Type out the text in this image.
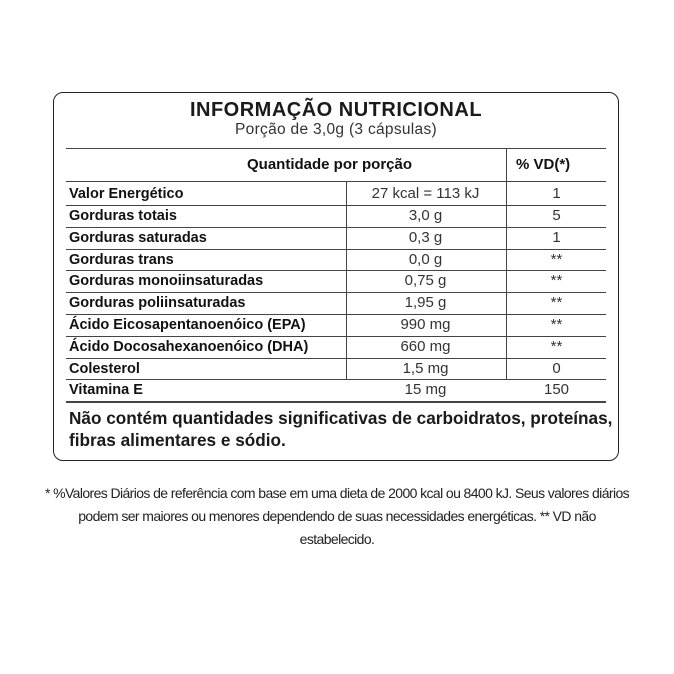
INFORMAÇÃO NUTRICIONAL
Porção de 3,0g (3 cápsulas)
Quantidade por porção	% VD(*)
Valor Energético	27 kcal = 113 kJ	1
Gorduras totais	3,0 g	5
Gorduras saturadas	0,3 g	1
Gorduras trans	0,0 g	**
Gorduras monoiinsaturadas	0,75 g	**
Gorduras poliinsaturadas	1,95 g	**
Ácido Eicosapentanoenóico (EPA)	990 mg	**
Ácido Docosahexanoenóico (DHA)	660 mg	**
Colesterol	1,5 mg	0
Vitamina E	15 mg	150
Não contém quantidades significativas de carboidratos, proteínas, fibras alimentares e sódio.
* %Valores Diários de referência com base em uma dieta de 2000 kcal ou 8400 kJ. Seus valores diários podem ser maiores ou menores dependendo de suas necessidades energéticas. ** VD não estabelecido.
